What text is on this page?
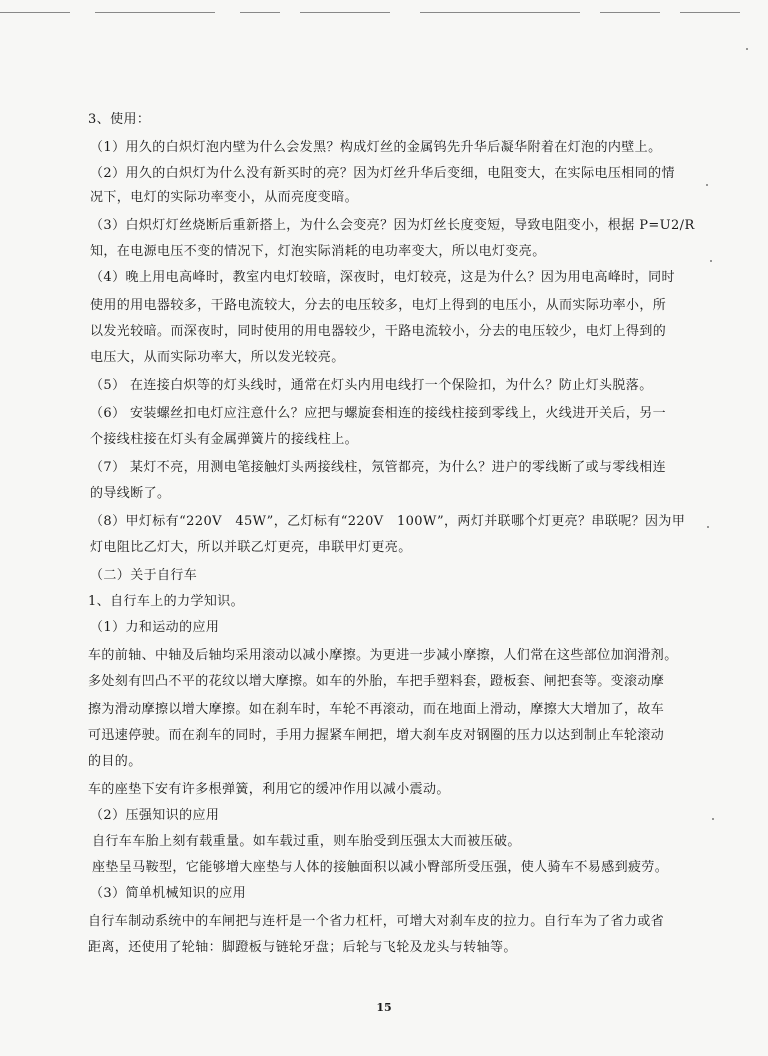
3、使用：
（1）用久的白炽灯泡内壁为什么会发黑？构成灯丝的金属钨先升华后凝华附着在灯泡的内壁上。
（2）用久的白炽灯为什么没有新买时的亮？因为灯丝升华后变细，电阻变大，在实际电压相同的情
况下，电灯的实际功率变小，从而亮度变暗。
（3）白炽灯灯丝烧断后重新搭上，为什么会变亮？因为灯丝长度变短，导致电阻变小，根据 P=U2/R
知，在电源电压不变的情况下，灯泡实际消耗的电功率变大，所以电灯变亮。
（4）晚上用电高峰时，教室内电灯较暗，深夜时，电灯较亮，这是为什么？因为用电高峰时，同时
使用的用电器较多，干路电流较大，分去的电压较多，电灯上得到的电压小，从而实际功率小，所
以发光较暗。而深夜时，同时使用的用电器较少，干路电流较小，分去的电压较少，电灯上得到的
电压大，从而实际功率大，所以发光较亮。
（5） 在连接白炽等的灯头线时，通常在灯头内用电线打一个保险扣，为什么？防止灯头脱落。
（6） 安装螺丝扣电灯应注意什么？应把与螺旋套相连的接线柱接到零线上，火线进开关后，另一
个接线柱接在灯头有金属弹簧片的接线柱上。
（7） 某灯不亮，用测电笔接触灯头两接线柱，氖管都亮，为什么？进户的零线断了或与零线相连
的导线断了。
（8）甲灯标有“220V　45W”，乙灯标有“220V　100W”，两灯并联哪个灯更亮？串联呢？因为甲
灯电阻比乙灯大，所以并联乙灯更亮，串联甲灯更亮。
（二）关于自行车
1、自行车上的力学知识。
（1）力和运动的应用
车的前轴、中轴及后轴均采用滚动以减小摩擦。为更进一步减小摩擦，人们常在这些部位加润滑剂。
多处刻有凹凸不平的花纹以增大摩擦。如车的外胎，车把手塑料套，蹬板套、闸把套等。变滚动摩
擦为滑动摩擦以增大摩擦。如在刹车时，车轮不再滚动，而在地面上滑动，摩擦大大增加了，故车
可迅速停驶。而在刹车的同时，手用力握紧车闸把，增大刹车皮对钢圈的压力以达到制止车轮滚动
的目的。
车的座垫下安有许多根弹簧，利用它的缓冲作用以减小震动。
（2）压强知识的应用
自行车车胎上刻有载重量。如车载过重，则车胎受到压强太大而被压破。
座垫呈马鞍型，它能够增大座垫与人体的接触面积以减小臀部所受压强，使人骑车不易感到疲劳。
（3）简单机械知识的应用
自行车制动系统中的车闸把与连杆是一个省力杠杆，可增大对刹车皮的拉力。自行车为了省力或省
距离，还使用了轮轴：脚蹬板与链轮牙盘；后轮与飞轮及龙头与转轴等。
15
